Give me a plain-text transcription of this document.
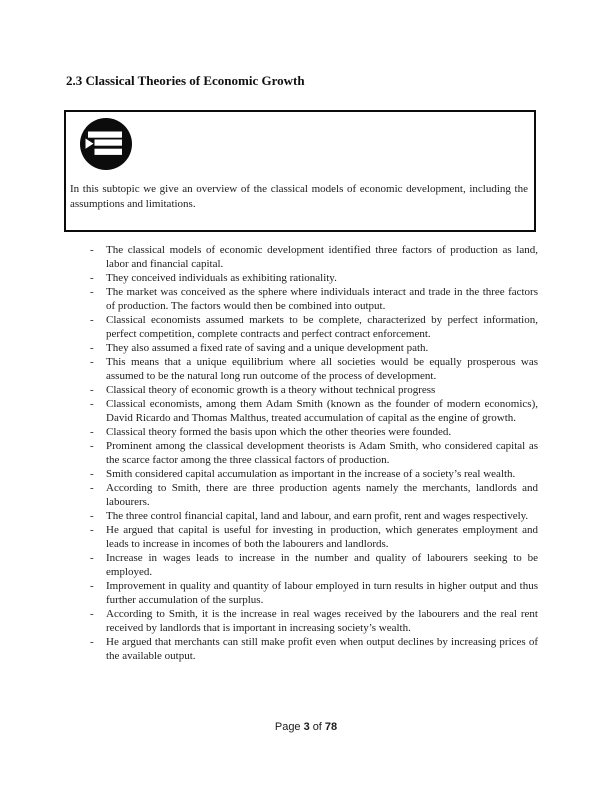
2.3 Classical Theories of Economic Growth

In this subtopic we give an overview of the classical models of economic development, including the assumptions and limitations.

- The classical models of economic development identified three factors of production as land, labor and financial capital.
- They conceived individuals as exhibiting rationality.
- The market was conceived as the sphere where individuals interact and trade in the three factors of production. The factors would then be combined into output.
- Classical economists assumed markets to be complete, characterized by perfect information, perfect competition, complete contracts and perfect contract enforcement.
- They also assumed a fixed rate of saving and a unique development path.
- This means that a unique equilibrium where all societies would be equally prosperous was assumed to be the natural long run outcome of the process of development.
- Classical theory of economic growth is a theory without technical progress
- Classical economists, among them Adam Smith (known as the founder of modern economics), David Ricardo and Thomas Malthus, treated accumulation of capital as the engine of growth.
- Classical theory formed the basis upon which the other theories were founded.
- Prominent among the classical development theorists is Adam Smith, who considered capital as the scarce factor among the three classical factors of production.
- Smith considered capital accumulation as important in the increase of a society’s real wealth.
- According to Smith, there are three production agents namely the merchants, landlords and labourers.
- The three control financial capital, land and labour, and earn profit, rent and wages respectively.
- He argued that capital is useful for investing in production, which generates employment and leads to increase in incomes of both the labourers and landlords.
- Increase in wages leads to increase in the number and quality of labourers seeking to be employed.
- Improvement in quality and quantity of labour employed in turn results in higher output and thus further accumulation of the surplus.
- According to Smith, it is the increase in real wages received by the labourers and the real rent received by landlords that is important in increasing society’s wealth.
- He argued that merchants can still make profit even when output declines by increasing prices of the available output.
Page 3 of 78
